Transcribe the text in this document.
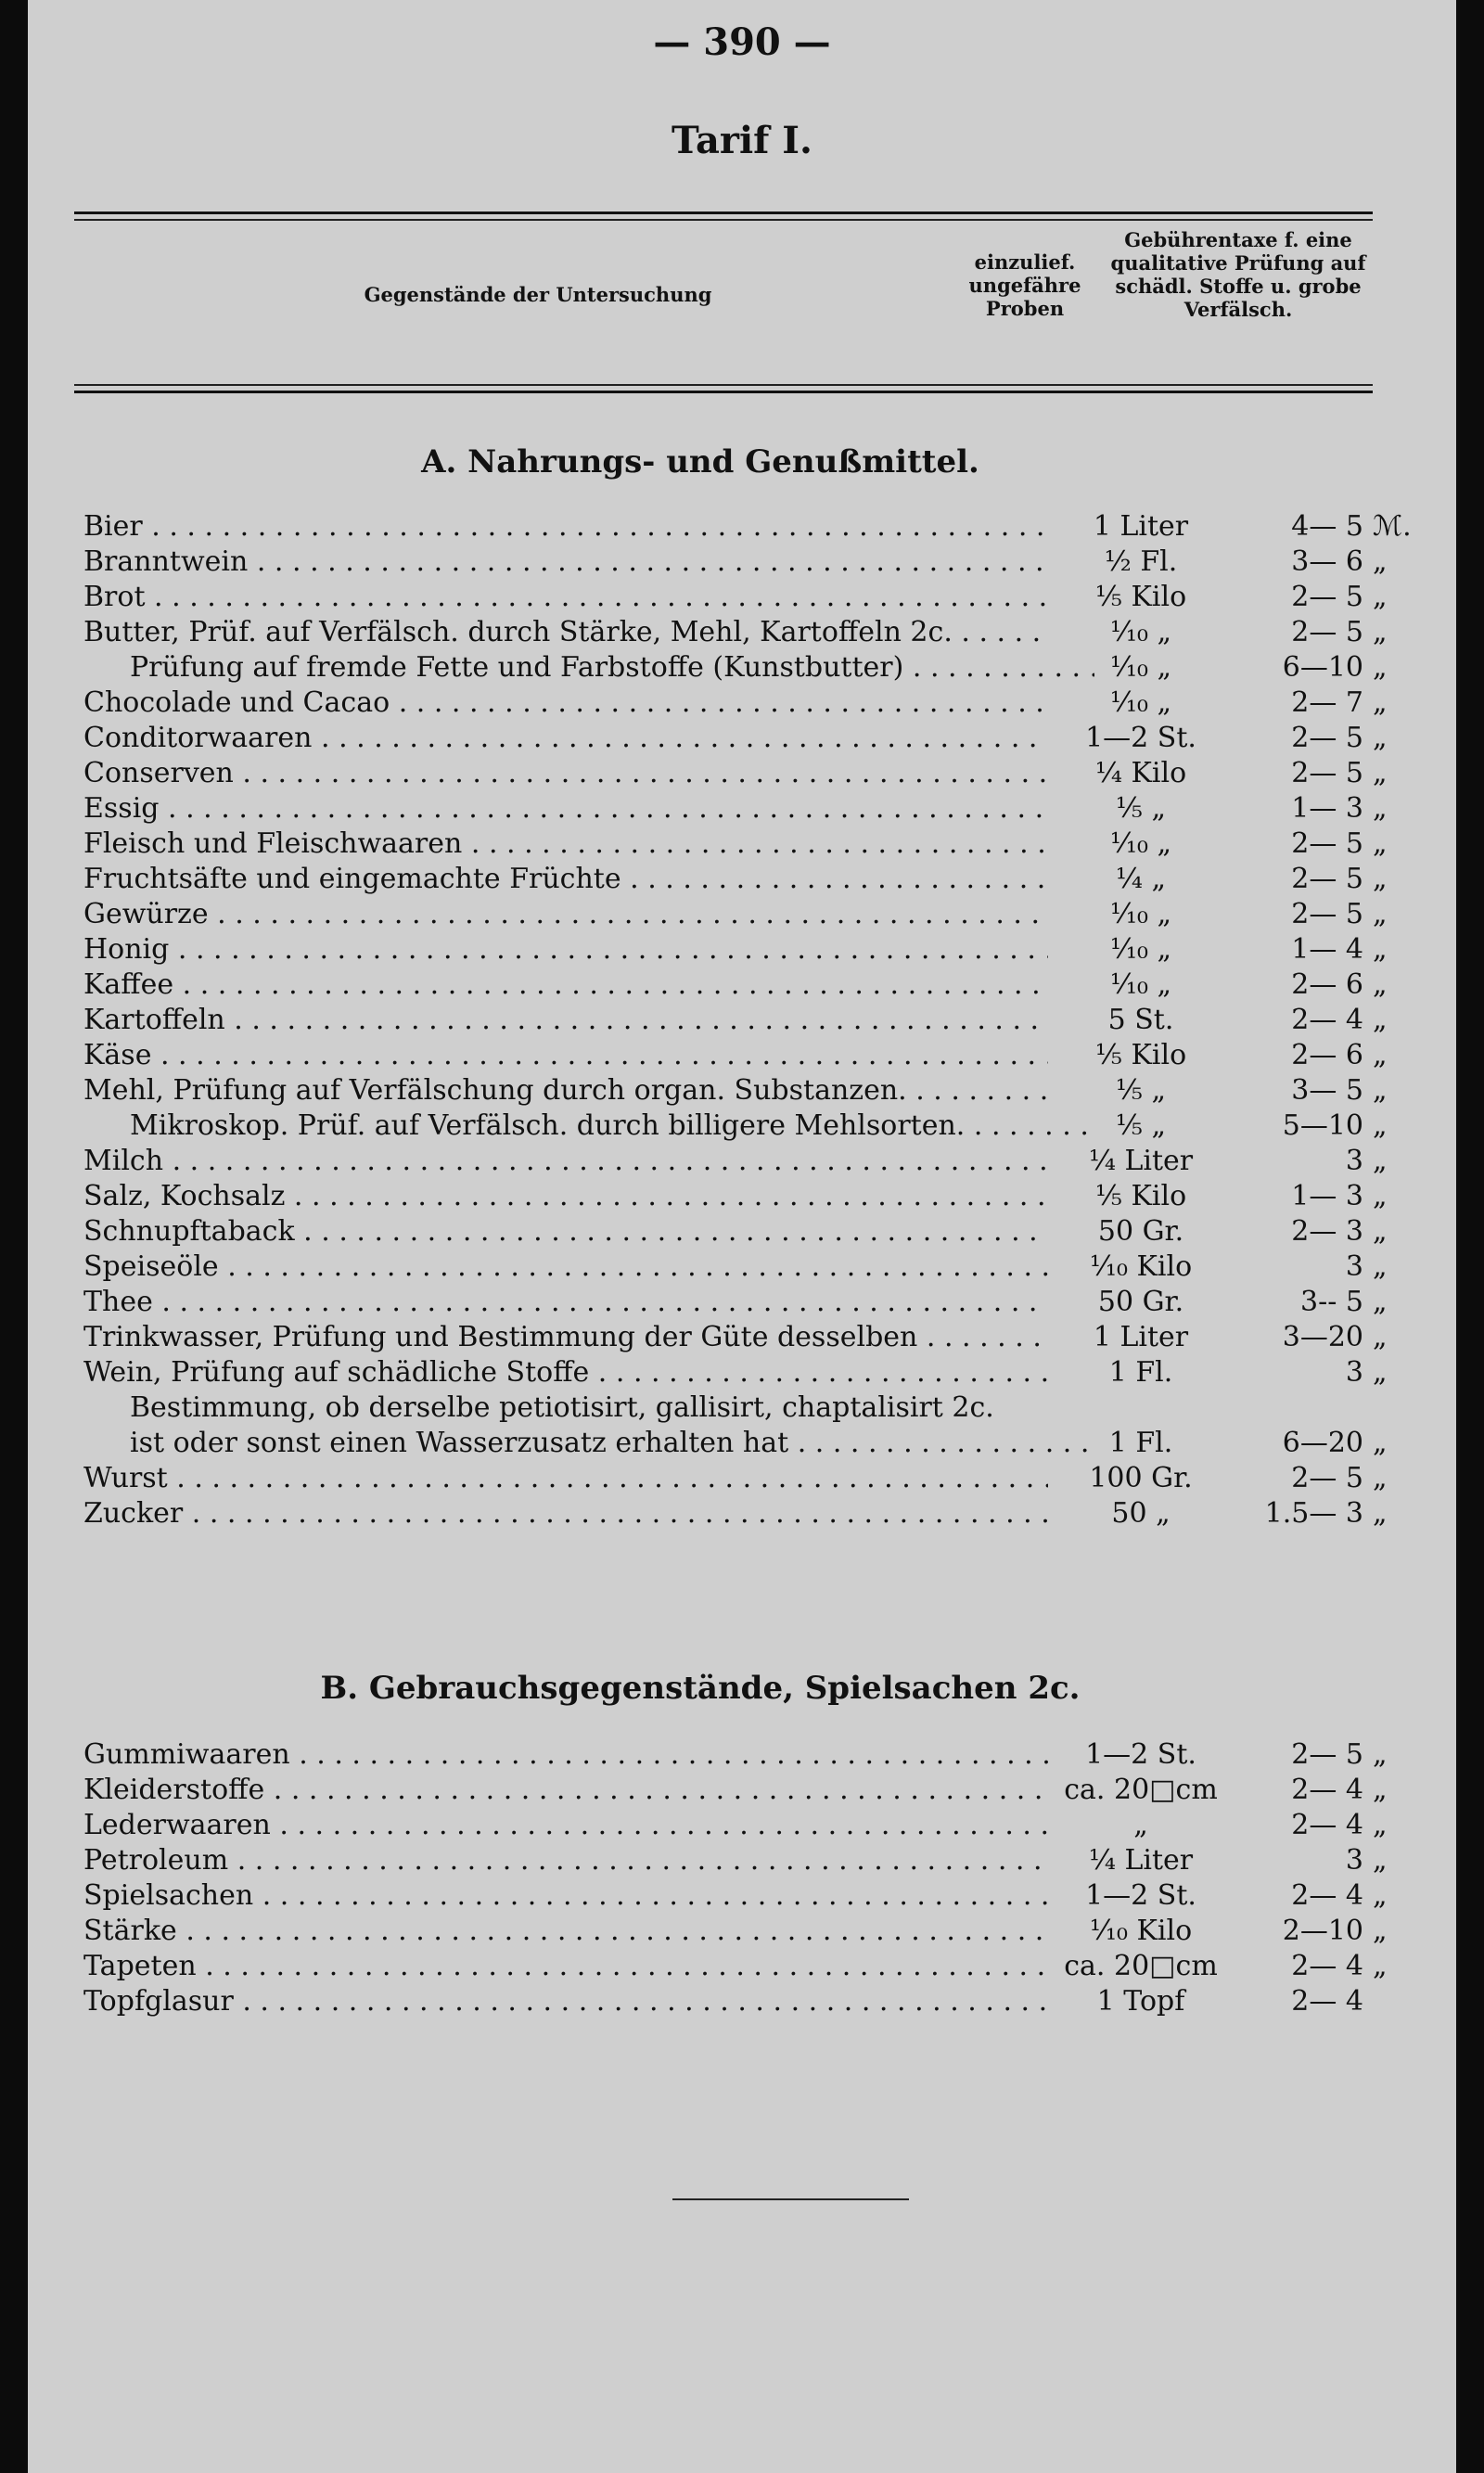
— 390 —
Tarif I.
Gegenstände der Untersuchung
einzulief. ungefähre Proben
Gebührentaxe f. eine qualitative Prüfung auf schädl. Stoffe u. grobe Verfälsch.
A. Nahrungs- und Genußmittel.
Bier . . .	1 Liter	4— 5 ℳ.
Branntwein . . .	½ Fl.	3— 6 „
Brot . . .	⅕ Kilo	2— 5 „
Butter, Prüf. auf Verfälsch. durch Stärke, Mehl, Kartoffeln 2c. . . .	⅒ „	2— 5 „
Prüfung auf fremde Fette und Farbstoffe (Kunstbutter) . . .	⅒ „	6—10 „
Chocolade und Cacao . . .	⅒ „	2— 7 „
Conditorwaaren . . .	1—2 St.	2— 5 „
Conserven . . .	¼ Kilo	2— 5 „
Essig . . .	⅕ „	1— 3 „
Fleisch und Fleischwaaren . . .	⅒ „	2— 5 „
Fruchtsäfte und eingemachte Früchte . . .	¼ „	2— 5 „
Gewürze . . .	⅒ „	2— 5 „
Honig . . .	⅒ „	1— 4 „
Kaffee . . .	⅒ „	2— 6 „
Kartoffeln . . .	5 St.	2— 4 „
Käse . . .	⅕ Kilo	2— 6 „
Mehl, Prüfung auf Verfälschung durch organ. Substanzen. . . .	⅕ „	3— 5 „
Mikroskop. Prüf. auf Verfälsch. durch billigere Mehlsorten. . . .	⅕ „	5—10 „
Milch . . .	¼ Liter	3 „
Salz, Kochsalz . . .	⅕ Kilo	1— 3 „
Schnupftaback . . .	50 Gr.	2— 3 „
Speiseöle . . .	⅒ Kilo	3 „
Thee . . .	50 Gr.	3-- 5 „
Trinkwasser, Prüfung und Bestimmung der Güte desselben . . .	1 Liter	3—20 „
Wein, Prüfung auf schädliche Stoffe . . .	1 Fl.	3 „
Bestimmung, ob derselbe petiotisirt, gallisirt, chaptalisirt 2c.
ist oder sonst einen Wasserzusatz erhalten hat . . .	1 Fl.	6—20 „
Wurst . . .	100 Gr.	2— 5 „
Zucker . . .	50 „	1.5— 3 „
B. Gebrauchsgegenstände, Spielsachen 2c.
Gummiwaaren . . .	1—2 St.	2— 5 „
Kleiderstoffe . . .	ca. 20□cm	2— 4 „
Lederwaaren . . .	„	2— 4 „
Petroleum . . .	¼ Liter	3 „
Spielsachen . . .	1—2 St.	2— 4 „
Stärke . . .	⅒ Kilo	2—10 „
Tapeten . . .	ca. 20□cm	2— 4 „
Topfglasur . . .	1 Topf	2— 4
